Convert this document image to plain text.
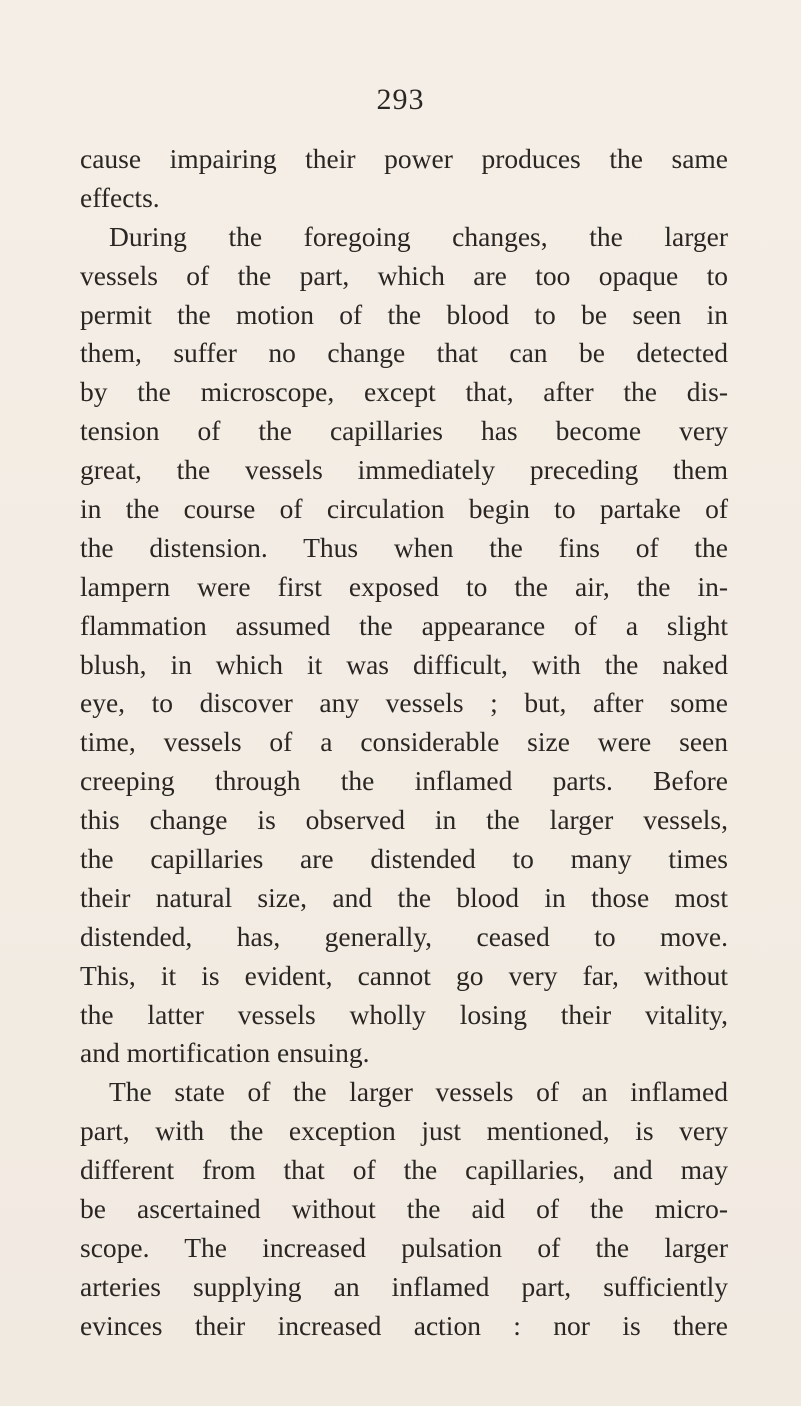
293
cause impairing their power produces the same
effects.
During the foregoing changes, the larger
vessels of the part, which are too opaque to
permit the motion of the blood to be seen in
them, suffer no change that can be detected
by the microscope, except that, after the dis-
tension of the capillaries has become very
great, the vessels immediately preceding them
in the course of circulation begin to partake of
the distension. Thus when the fins of the
lampern were first exposed to the air, the in-
flammation assumed the appearance of a slight
blush, in which it was difficult, with the naked
eye, to discover any vessels ; but, after some
time, vessels of a considerable size were seen
creeping through the inflamed parts. Before
this change is observed in the larger vessels,
the capillaries are distended to many times
their natural size, and the blood in those most
distended, has, generally, ceased to move.
This, it is evident, cannot go very far, without
the latter vessels wholly losing their vitality,
and mortification ensuing.
The state of the larger vessels of an inflamed
part, with the exception just mentioned, is very
different from that of the capillaries, and may
be ascertained without the aid of the micro-
scope. The increased pulsation of the larger
arteries supplying an inflamed part, sufficiently
evinces their increased action : nor is there
